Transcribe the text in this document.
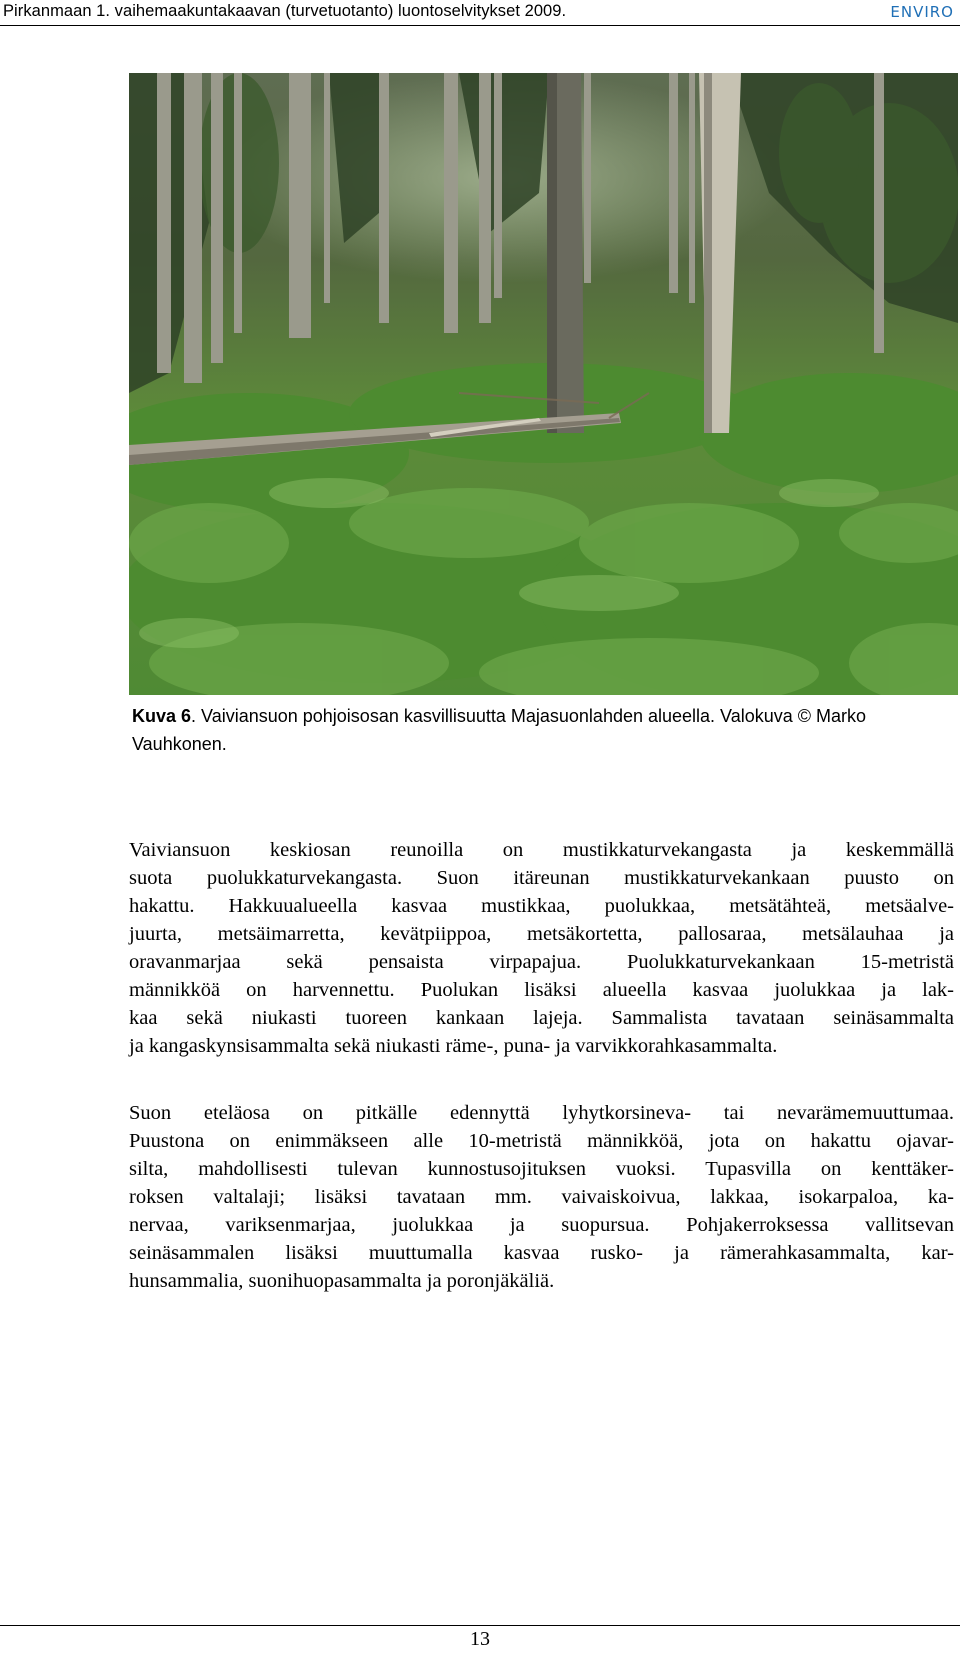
Pirkanmaan 1. vaihemaakuntakaavan (turvetuotanto) luontoselvitykset 2009.	ENVIRO

Kuva 6. Vaiviansuon pohjoisosan kasvillisuutta Majasuonlahden alueella. Valokuva © Marko Vauhkonen.

Vaiviansuon keskiosan reunoilla on mustikkaturvekangasta ja keskemmällä
suota puolukkaturvekangasta. Suon itäreunan mustikkaturvekankaan puusto on
hakattu. Hakkuualueella kasvaa mustikkaa, puolukkaa, metsätähteä, metsäalve-
juurta, metsäimarretta, kevätpiippoa, metsäkortetta, pallosaraa, metsälauhaa ja
oravanmarjaa sekä pensaista virpapajua. Puolukkaturvekankaan 15-metristä
männikköä on harvennettu. Puolukan lisäksi alueella kasvaa juolukkaa ja lak-
kaa sekä niukasti tuoreen kankaan lajeja. Sammalista tavataan seinäsammalta
ja kangaskynsisammalta sekä niukasti räme-, puna- ja varvikkorahkasammalta.
Suon eteläosa on pitkälle edennyttä lyhytkorsineva- tai nevarämemuuttumaa.
Puustona on enimmäkseen alle 10-metristä männikköä, jota on hakattu ojavar-
silta, mahdollisesti tulevan kunnostusojituksen vuoksi. Tupasvilla on kenttäker-
roksen valtalaji; lisäksi tavataan mm. vaivaiskoivua, lakkaa, isokarpaloa, ka-
nervaa, variksenmarjaa, juolukkaa ja suopursua. Pohjakerroksessa vallitsevan
seinäsammalen lisäksi muuttumalla kasvaa rusko- ja rämerahkasammalta, kar-
hunsammalia, suonihuopasammalta ja poronjäkäliä.
13
